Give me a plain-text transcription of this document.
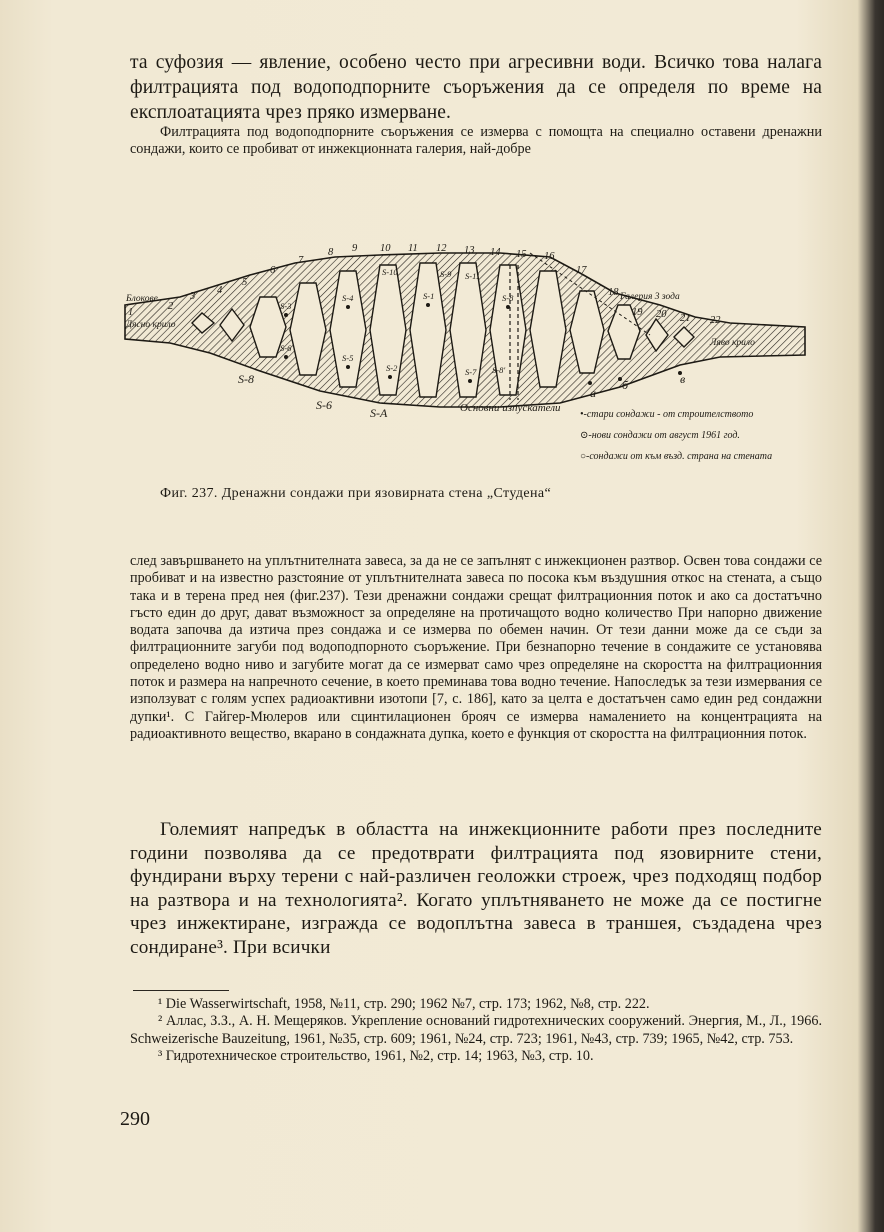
та суфозия — явление, особено често при агресивни води. Всичко това налага филтрацията под водоподпорните съоръжения да се определя по време на експлоатацията чрез пряко измерване.

Филтрацията под водоподпорните съоръжения се измерва с помощта на специално оставени дренажни сондажи, които се пробиват от инжекционната галерия, най-добре

1
2
3
4
5
6
7
8 9 10 11 12 13 14 15 16
17
18
19 20 21 22
S-3
S-4	S-1
S-10	S-11
S-9
S-8
S-6
S-5
S-2	S-7 S-8'
S-8
S-6
S-A	Основни изпускатели
a
б	в
Блокове
Дясно крило
Галерия 3 зода
Ляво крило
•-стари сондажи - от строителството
⊙-нови сондажи от август 1961 год.
○-сондажи от към възд. страна на стената
Фиг. 237. Дренажни сондажи при язовирната стена „Студена“

след завършването на уплътнителната завеса, за да не се запълнят с инжекционен разтвор. Освен това сондажи се пробиват и на известно разстояние от уплътнителната завеса по посока към въздушния откос на стената, а също така и в терена пред нея (фиг.237). Тези дренажни сондажи срещат филтрационния поток и ако са достатъчно гъсто един до друг, дават възможност за определяне на протичащото водно количество При напорно движение водата започва да изтича през сондажа и се измерва по обемен начин. От тези данни може да се съди за филтрационните загуби под водоподпорното съоръжение. При безнапорно течение в сондажите се установява определено водно ниво и загубите могат да се измерват само чрез определяне на скоростта на филтрационния поток и размера на напречното сечение, в което преминава това водно течение. Напоследък за тези измервания се използуват с голям успех радиоактивни изотопи [7, с. 186], като за целта е достатъчен само един ред сондажни дупки¹. С Гайгер-Мюлеров или сцинтилационен брояч се измерва намалението на концентрацията на радиоактивното вещество, вкарано в сондажната дупка, което е функция от скоростта на филтрационния поток.

Големият напредък в областта на инжекционните работи през последните години позволява да се предотврати филтрацията под язовирните стени, фундирани върху терени с най-различен геоложки строеж, чрез подходящ подбор на разтвора и на технологията². Когато уплътняването не може да се постигне чрез инжектиране, изгражда се водоплътна завеса в траншея, създадена чрез сондиране³. При всички

¹ Die Wasserwirtschaft, 1958, №11, стр. 290; 1962 №7, стр. 173; 1962, №8, стр. 222.

² Аллас, З.З., А. Н. Мещеряков. Укрепление оснований гидротехнических сооружений. Энергия, М., Л., 1966. Schweizerische Bauzeitung, 1961, №35, стр. 609; 1961, №24, стр. 723; 1961, №43, стр. 739; 1965, №42, стр. 753.

³ Гидротехническое строительство, 1961, №2, стр. 14; 1963, №3, стр. 10.

290
